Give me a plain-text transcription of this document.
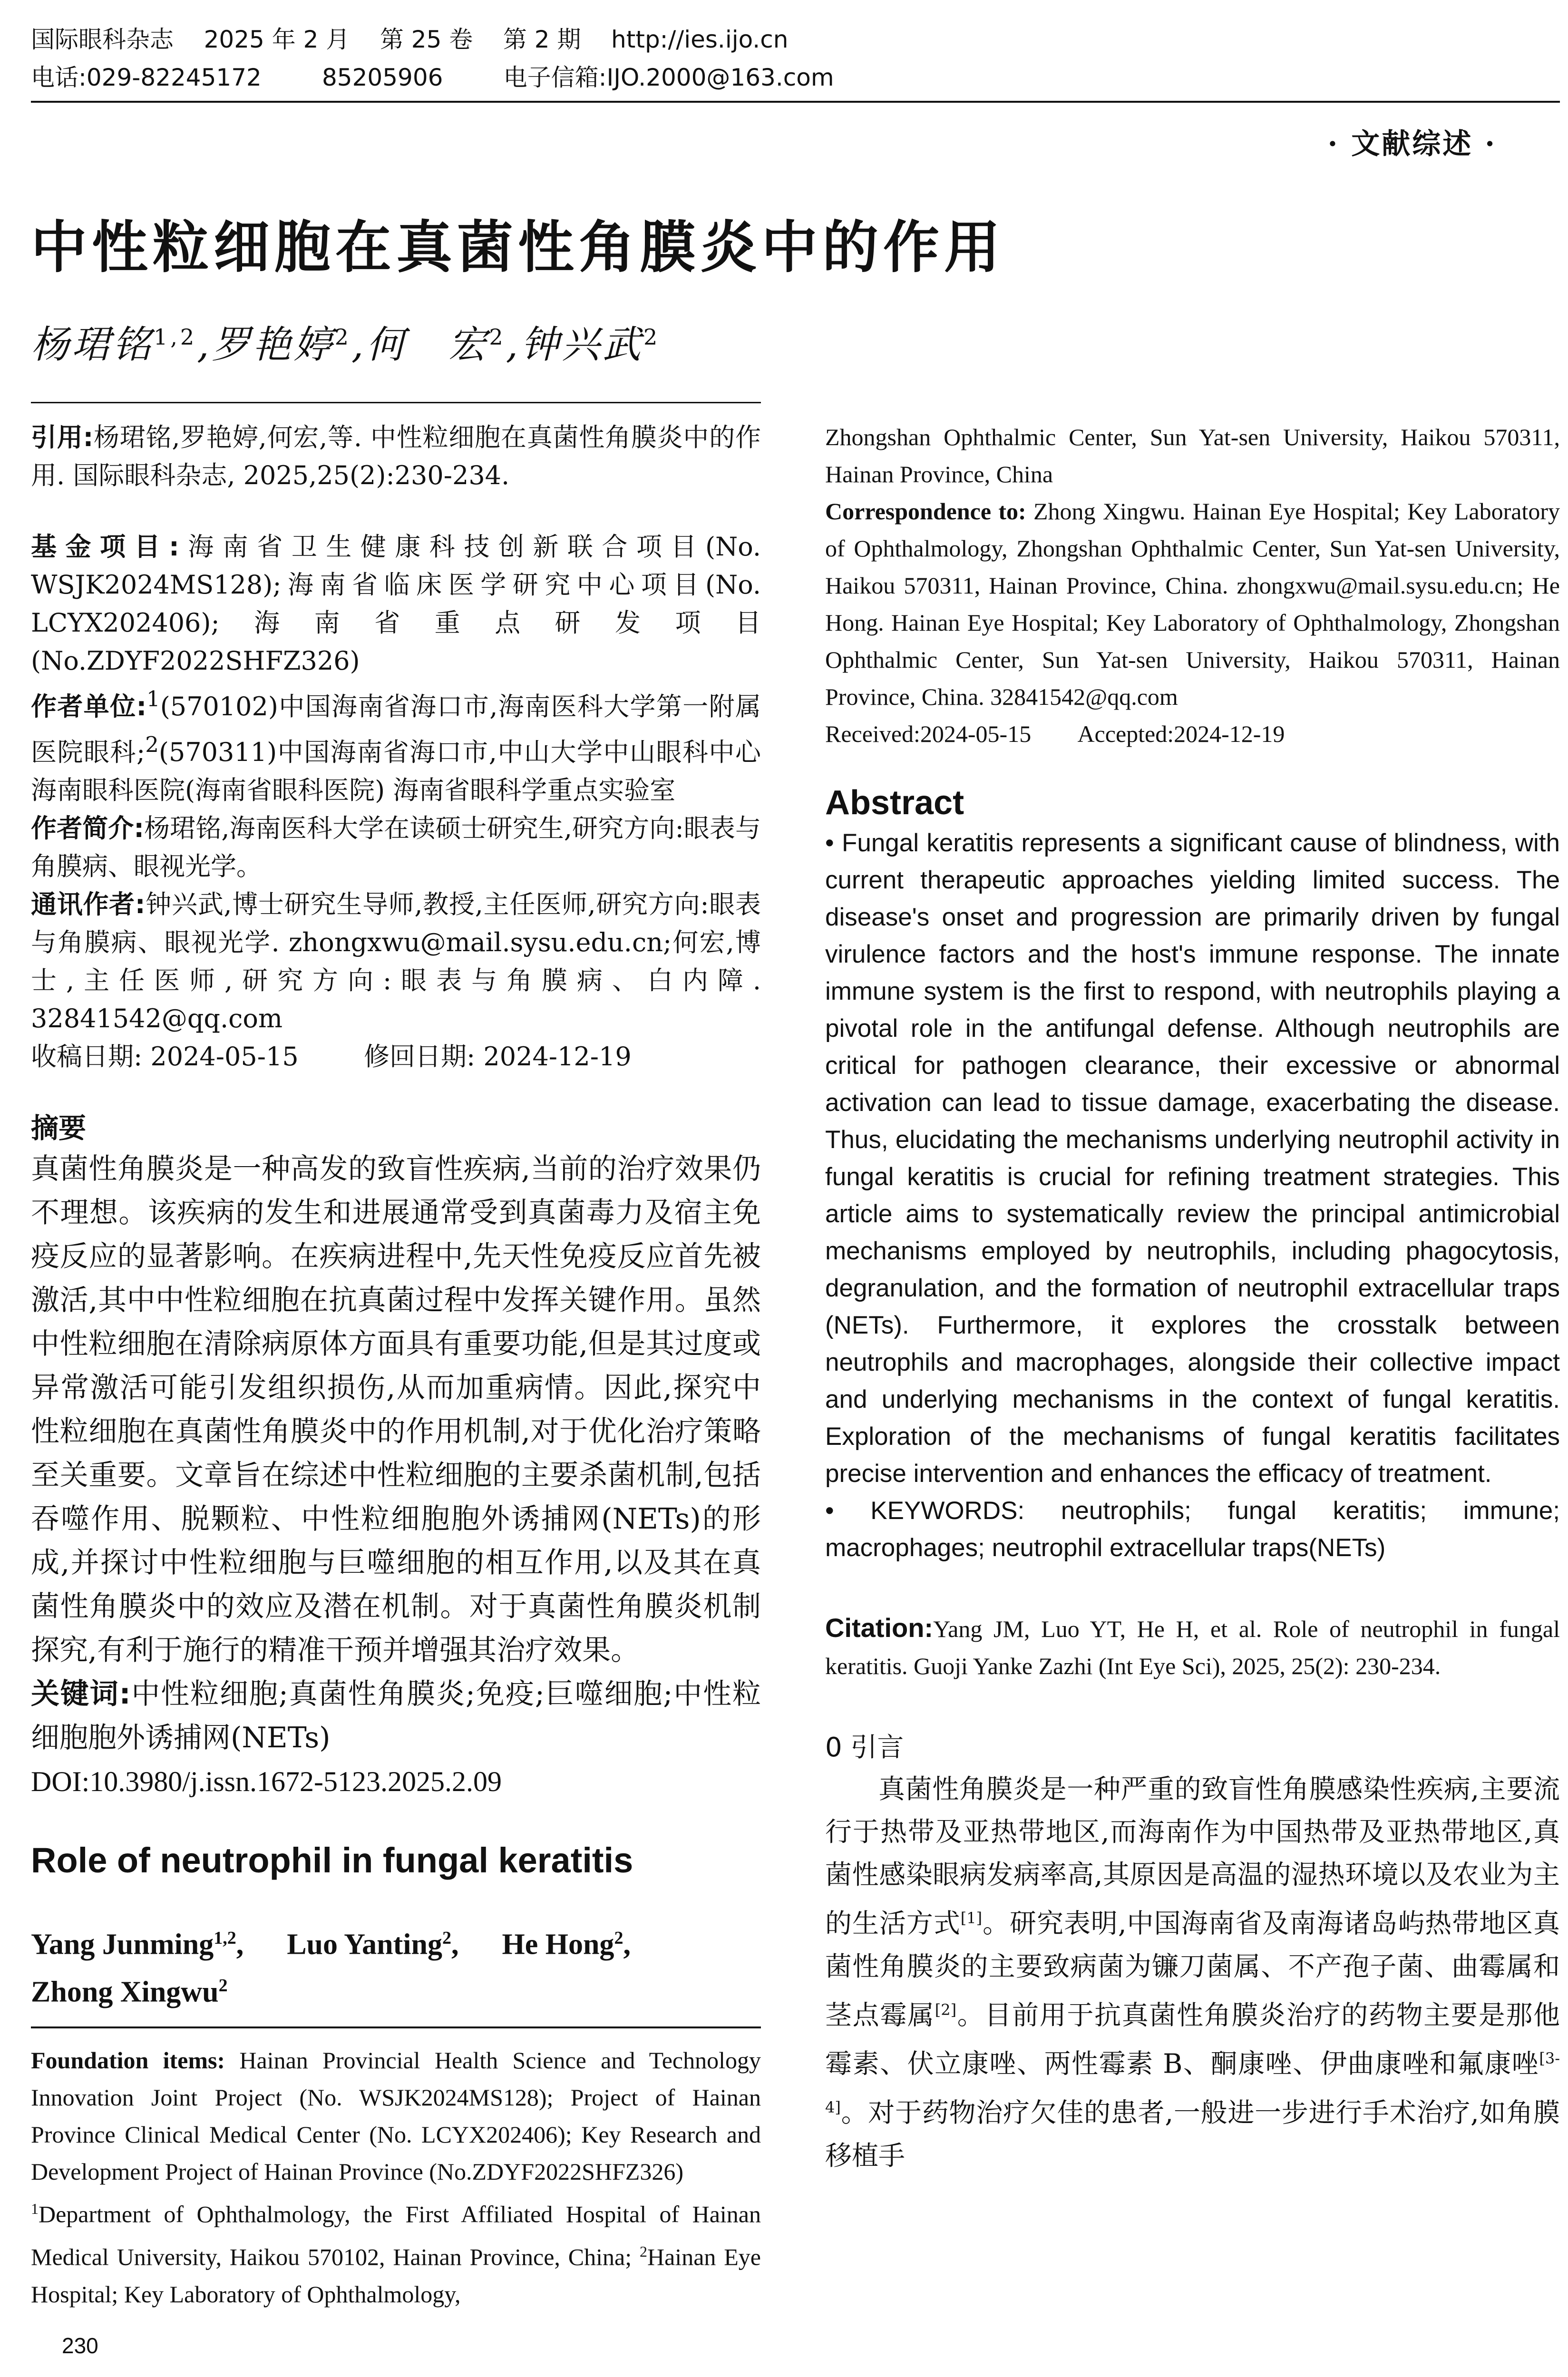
国际眼科杂志    2025 年 2 月    第 25 卷    第 2 期    http://ies.ijo.cn
电话:029-82245172        85205906        电子信箱:IJO.2000@163.com
· 文献综述 ·
中性粒细胞在真菌性角膜炎中的作用
杨珺铭$^{1,2}$,罗艳婷$^2$,何　宏$^2$,钟兴武$^2$
引用:杨珺铭,罗艳婷,何宏,等. 中性粒细胞在真菌性角膜炎中的作用. 国际眼科杂志, 2025,25(2):230-234.
基金项目:海南省卫生健康科技创新联合项目(No. WSJK2024MS128);海南省临床医学研究中心项目(No. LCYX202406);海南省重点研发项目(No.ZDYF2022SHFZ326)
作者单位:$^1$(570102)中国海南省海口市,海南医科大学第一附属医院眼科;$^2$(570311)中国海南省海口市,中山大学中山眼科中心海南眼科医院(海南省眼科医院) 海南省眼科学重点实验室
作者简介:杨珺铭,海南医科大学在读硕士研究生,研究方向:眼表与角膜病、眼视光学。
通讯作者:钟兴武,博士研究生导师,教授,主任医师,研究方向:眼表与角膜病、眼视光学. zhongxwu@mail.sysu.edu.cn;何宏,博士,主任医师,研究方向:眼表与角膜病、白内障. 32841542@qq.com
收稿日期: 2024-05-15        修回日期: 2024-12-19
摘要

真菌性角膜炎是一种高发的致盲性疾病,当前的治疗效果仍不理想。该疾病的发生和进展通常受到真菌毒力及宿主免疫反应的显著影响。在疾病进程中,先天性免疫反应首先被激活,其中中性粒细胞在抗真菌过程中发挥关键作用。虽然中性粒细胞在清除病原体方面具有重要功能,但是其过度或异常激活可能引发组织损伤,从而加重病情。因此,探究中性粒细胞在真菌性角膜炎中的作用机制,对于优化治疗策略至关重要。文章旨在综述中性粒细胞的主要杀菌机制,包括吞噬作用、脱颗粒、中性粒细胞胞外诱捕网(NETs)的形成,并探讨中性粒细胞与巨噬细胞的相互作用,以及其在真菌性角膜炎中的效应及潜在机制。对于真菌性角膜炎机制探究,有利于施行的精准干预并增强其治疗效果。

关键词:中性粒细胞;真菌性角膜炎;免疫;巨噬细胞;中性粒细胞胞外诱捕网(NETs)
DOI:10.3980/j.issn.1672-5123.2025.2.09
Role of neutrophil in fungal keratitis
Yang Junming$^{1,2}$, Luo Yanting$^2$, He Hong$^2$,
Zhong Xingwu$^2$

Foundation items: Hainan Provincial Health Science and Technology Innovation Joint Project (No. WSJK2024MS128); Project of Hainan Province Clinical Medical Center (No. LCYX202406); Key Research and Development Project of Hainan Province (No.ZDYF2022SHFZ326)

$^1$Department of Ophthalmology, the First Affiliated Hospital of Hainan Medical University, Haikou 570102, Hainan Province, China; $^2$Hainan Eye Hospital; Key Laboratory of Ophthalmology,

Zhongshan Ophthalmic Center, Sun Yat-sen University, Haikou 570311, Hainan Province, China

Correspondence to: Zhong Xingwu. Hainan Eye Hospital; Key Laboratory of Ophthalmology, Zhongshan Ophthalmic Center, Sun Yat-sen University, Haikou 570311, Hainan Province, China. zhongxwu@mail.sysu.edu.cn; He Hong. Hainan Eye Hospital; Key Laboratory of Ophthalmology, Zhongshan Ophthalmic Center, Sun Yat-sen University, Haikou 570311, Hainan Province, China. 32841542@qq.com

Received:2024-05-15        Accepted:2024-12-19

Abstract

• Fungal keratitis represents a significant cause of blindness, with current therapeutic approaches yielding limited success. The disease's onset and progression are primarily driven by fungal virulence factors and the host's immune response. The innate immune system is the first to respond, with neutrophils playing a pivotal role in the antifungal defense. Although neutrophils are critical for pathogen clearance, their excessive or abnormal activation can lead to tissue damage, exacerbating the disease. Thus, elucidating the mechanisms underlying neutrophil activity in fungal keratitis is crucial for refining treatment strategies. This article aims to systematically review the principal antimicrobial mechanisms employed by neutrophils, including phagocytosis, degranulation, and the formation of neutrophil extracellular traps (NETs). Furthermore, it explores the crosstalk between neutrophils and macrophages, alongside their collective impact and underlying mechanisms in the context of fungal keratitis. Exploration of the mechanisms of fungal keratitis facilitates precise intervention and enhances the efficacy of treatment.

• KEYWORDS: neutrophils; fungal keratitis; immune; macrophages; neutrophil extracellular traps(NETs)

Citation:Yang JM, Luo YT, He H, et al. Role of neutrophil in fungal keratitis. Guoji Yanke Zazhi (Int Eye Sci), 2025, 25(2): 230-234.

0 引言

真菌性角膜炎是一种严重的致盲性角膜感染性疾病,主要流行于热带及亚热带地区,而海南作为中国热带及亚热带地区,真菌性感染眼病发病率高,其原因是高温的湿热环境以及农业为主的生活方式[1]。研究表明,中国海南省及南海诸岛屿热带地区真菌性角膜炎的主要致病菌为镰刀菌属、不产孢子菌、曲霉属和茎点霉属[2]。目前用于抗真菌性角膜炎治疗的药物主要是那他霉素、伏立康唑、两性霉素 B、酮康唑、伊曲康唑和氟康唑[3-4]。对于药物治疗欠佳的患者,一般进一步进行手术治疗,如角膜移植手

230
